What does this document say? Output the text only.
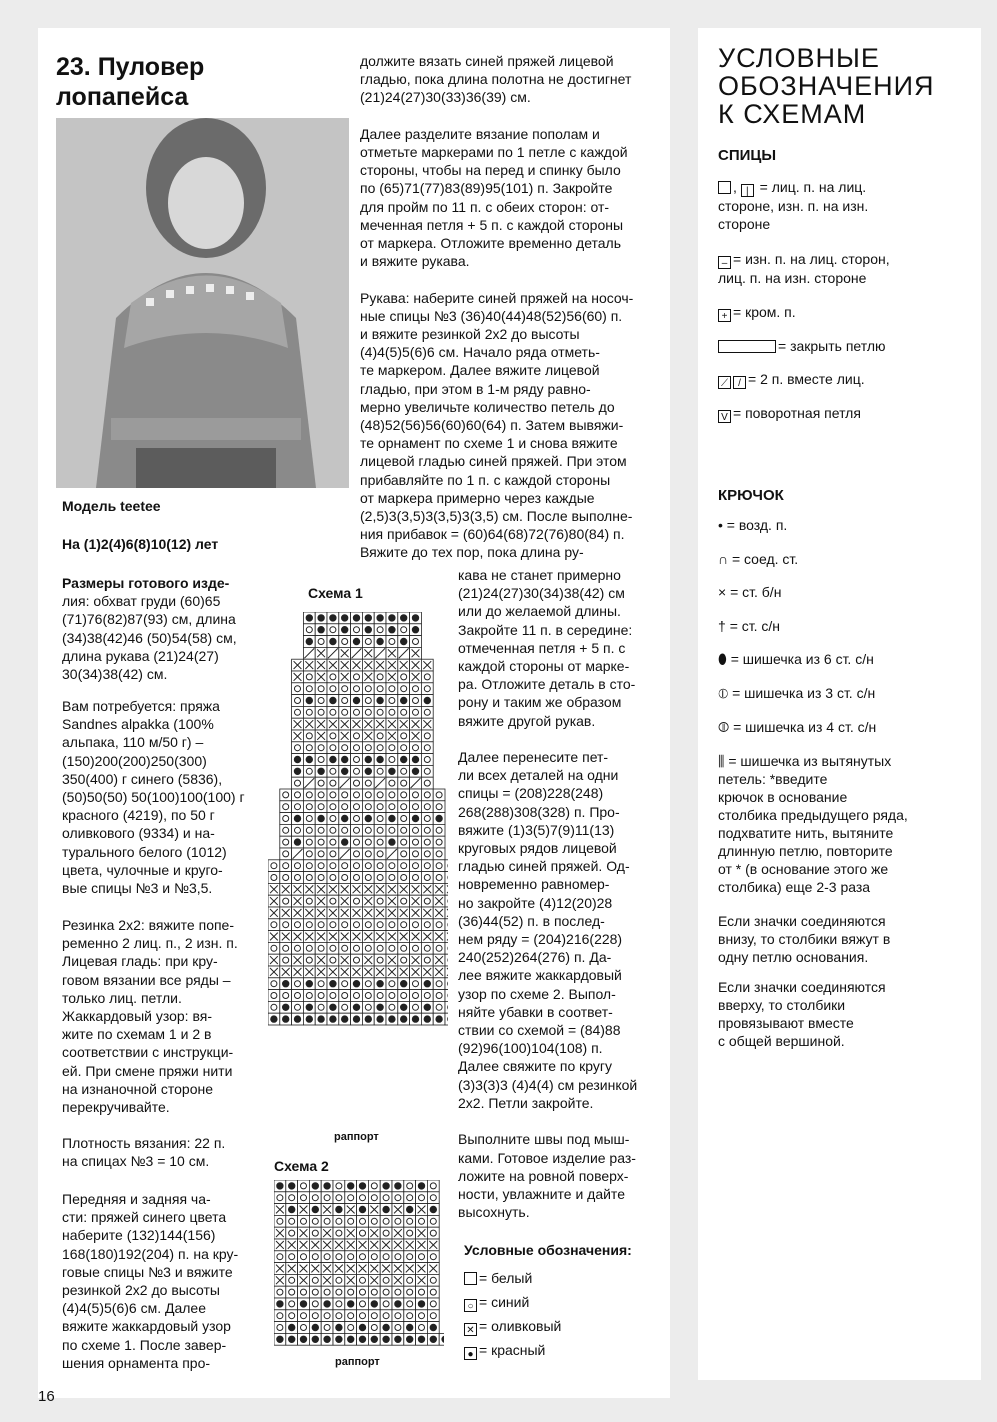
23. Пуловер лопапейса
Модель teetee
На (1)2(4)6(8)10(12) лет
Размеры готового изде-
лия: обхват груди (60)65
(71)76(82)87(93) см, длина
(34)38(42)46 (50)54(58) см,
длина рукава (21)24(27)
30(34)38(42) см.
Вам потребуется: пряжа
Sandnes alpakka (100%
альпака, 110 м/50 г) –
(150)200(200)250(300)
350(400) г синего (5836),
(50)50(50) 50(100)100(100) г
красного (4219), по 50 г
оливкового (9334) и на-
турального белого (1012)
цвета, чулочные и круго-
вые спицы №3 и №3,5.
Резинка 2х2: вяжите попе-
ременно 2 лиц. п., 2 изн. п.
Лицевая гладь: при кру-
говом вязании все ряды –
только лиц. петли.
Жаккардовый узор: вя-
жите по схемам 1 и 2 в
соответствии с инструкци-
ей. При смене пряжи нити
на изнаночной стороне
перекручивайте.
Плотность вязания: 22 п.
на спицах №3 = 10 см.
Передняя и задняя ча-
сти: пряжей синего цвета
наберите (132)144(156)
168(180)192(204) п. на кру-
говые спицы №3 и вяжите
резинкой 2х2 до высоты
(4)4(5)5(6)6 см. Далее
вяжите жаккардовый узор
по схеме 1. После завер-
шения орнамента про-
должите вязать синей пряжей лицевой
гладью, пока длина полотна не достигнет
(21)24(27)30(33)36(39) см.

Далее разделите вязание пополам и
отметьте маркерами по 1 петле с каждой
стороны, чтобы на перед и спинку было
по (65)71(77)83(89)95(101) п. Закройте
для пройм по 11 п. с обеих сторон: от-
меченная петля + 5 п. с каждой стороны
от маркера. Отложите временно деталь
и вяжите рукава.

Рукава: наберите синей пряжей на носоч-
ные спицы №3 (36)40(44)48(52)56(60) п.
и вяжите резинкой 2х2 до высоты
(4)4(5)5(6)6 см. Начало ряда отметь-
те маркером. Далее вяжите лицевой
гладью, при этом в 1-м ряду равно-
мерно увеличьте количество петель до
(48)52(56)56(60)60(64) п. Затем вывяжи-
те орнамент по схеме 1 и снова вяжите
лицевой гладью синей пряжей. При этом
прибавляйте по 1 п. с каждой стороны
от маркера примерно через каждые
(2,5)3(3,5)3(3,5)3(3,5) см. После выполне-
ния прибавок = (60)64(68)72(76)80(84) п.
Вяжите до тех пор, пока длина ру-
кава не станет примерно
(21)24(27)30(34)38(42) см
или до желаемой длины.
Закройте 11 п. в середине:
отмеченная петля + 5 п. с
каждой стороны от марке-
ра. Отложите деталь в сто-
рону и таким же образом
вяжите другой рукав.

Далее перенесите пет-
ли всех деталей на одни
спицы = (208)228(248)
268(288)308(328) п. Про-
вяжите (1)3(5)7(9)11(13)
круговых рядов лицевой
гладью синей пряжей. Од-
новременно равномер-
но закройте (4)12(20)28
(36)44(52) п. в послед-
нем ряду = (204)216(228)
240(252)264(276) п. Да-
лее вяжите жаккардовый
узор по схеме 2. Выпол-
няйте убавки в соответ-
ствии со схемой = (84)88
(92)96(100)104(108) п.
Далее свяжите по кругу
(3)3(3)3 (4)4(4) см резинкой
2х2. Петли закройте.

Выполните швы под мыш-
ками. Готовое изделие раз-
ложите на ровной поверх-
ности, увлажните и дайте
высохнуть.
Схема 1
раппорт
Схема 2
раппорт
Условные обозначения:
= белый
○ = синий
✕ = оливковый
● = красный
УСЛОВНЫЕ
ОБОЗНАЧЕНИЯ
К СХЕМАМ
СПИЦЫ
, | = лиц. п. на лиц.
стороне, изн. п. на изн.
стороне
– = изн. п. на лиц. сторон,
лиц. п. на изн. стороне
+ = кром. п.
= закрыть петлю
⟋ / = 2 п. вместе лиц.
V = поворотная петля
КРЮЧОК
• = возд. п.
∩ = соед. ст.
× = ст. б/н
† = ст. с/н
⬮ = шишечка из 6 ст. с/н
⦶ = шишечка из 3 ст. с/н
⦷ = шишечка из 4 ст. с/н
⫼ = шишечка из вытянутых
петель: *введите
крючок в основание
столбика предыдущего ряда,
подхватите нить, вытяните
длинную петлю, повторите
от * (в основание этого же
столбика) еще 2-3 раза
Если значки соединяются
внизу, то столбики вяжут в
одну петлю основания.
Если значки соединяются
вверху, то столбики
провязывают вместе
с общей вершиной.
16
